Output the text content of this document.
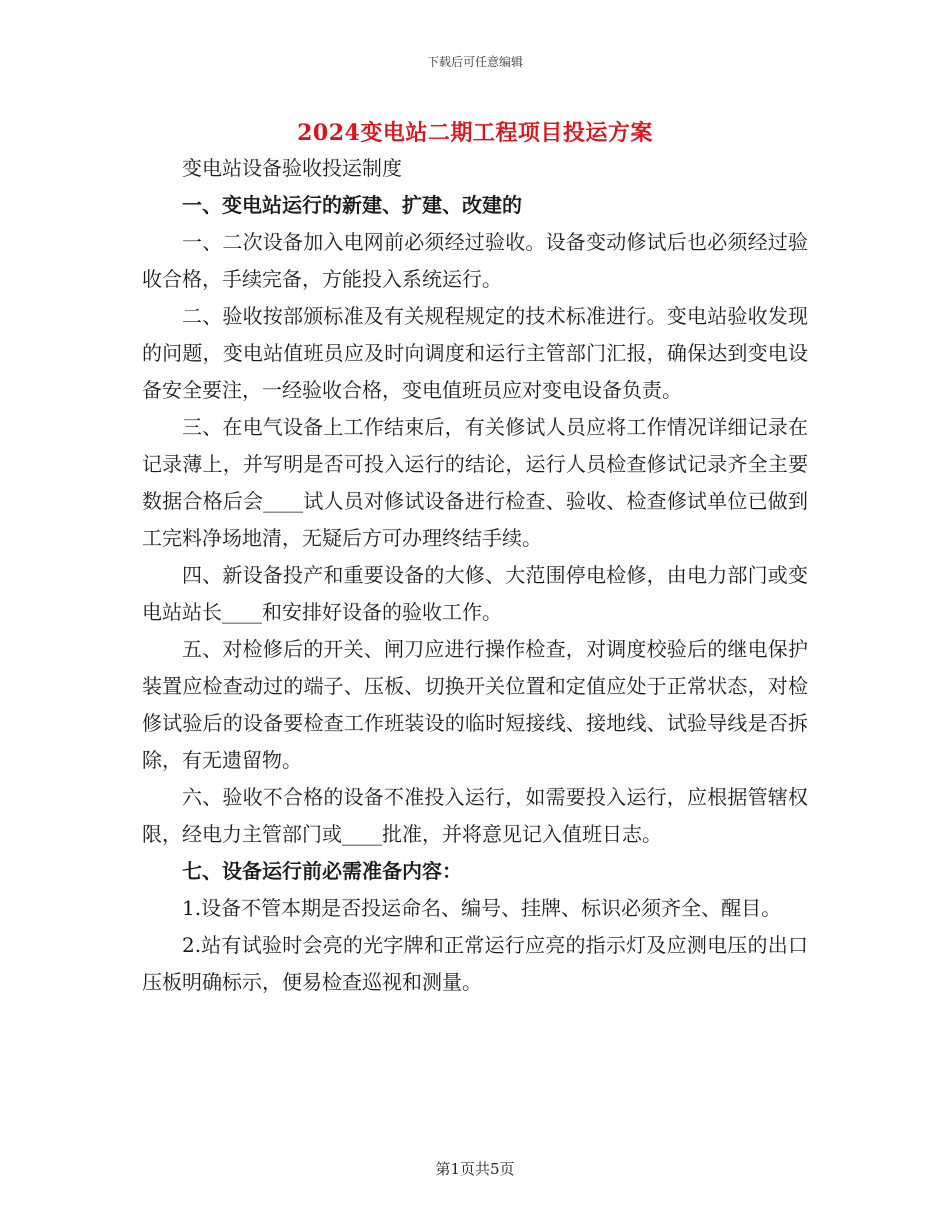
下载后可任意编辑
2024变电站二期工程项目投运方案

变电站设备验收投运制度

一、变电站运行的新建、扩建、改建的

一、二次设备加入电网前必须经过验收。设备变动修试后也必须经过验收合格，手续完备，方能投入系统运行。

二、验收按部颁标准及有关规程规定的技术标准进行。变电站验收发现的问题，变电站值班员应及时向调度和运行主管部门汇报，确保达到变电设备安全要注，一经验收合格，变电值班员应对变电设备负责。

三、在电气设备上工作结束后，有关修试人员应将工作情况详细记录在记录薄上，并写明是否可投入运行的结论，运行人员检查修试记录齐全主要数据合格后会____试人员对修试设备进行检查、验收、检查修试单位已做到工完料净场地清，无疑后方可办理终结手续。

四、新设备投产和重要设备的大修、大范围停电检修，由电力部门或变电站站长____和安排好设备的验收工作。

五、对检修后的开关、闸刀应进行操作检查，对调度校验后的继电保护装置应检查动过的端子、压板、切换开关位置和定值应处于正常状态，对检修试验后的设备要检查工作班装设的临时短接线、接地线、试验导线是否拆除，有无遗留物。

六、验收不合格的设备不准投入运行，如需要投入运行，应根据管辖权限，经电力主管部门或____批准，并将意见记入值班日志。

七、设备运行前必需准备内容：

1.设备不管本期是否投运命名、编号、挂牌、标识必须齐全、醒目。

2.站有试验时会亮的光字牌和正常运行应亮的指示灯及应测电压的出口压板明确标示，便易检查巡视和测量。

第1页共5页
